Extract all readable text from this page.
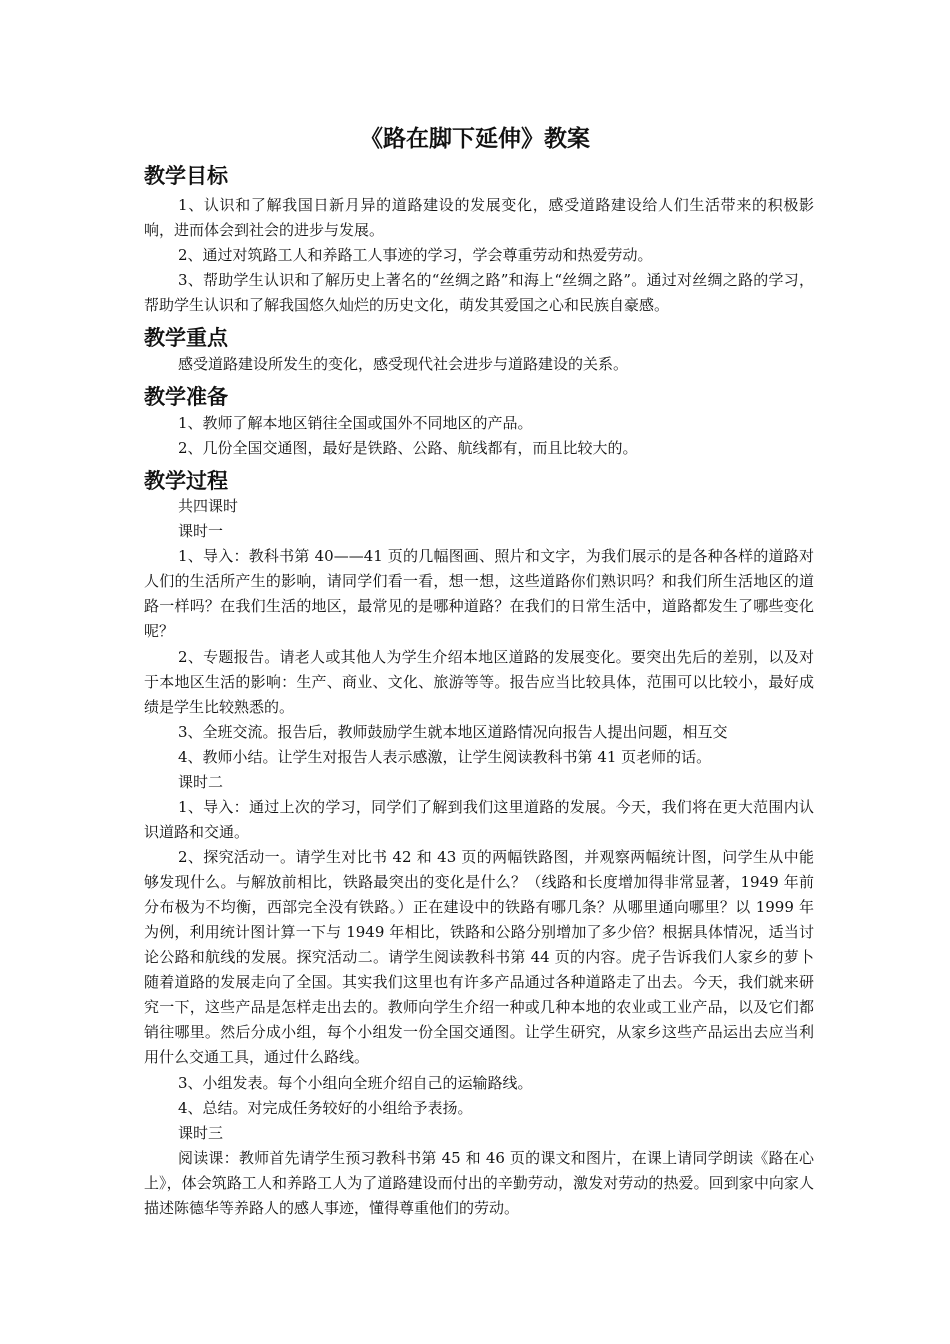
《路在脚下延伸》教案
教学目标
1、认识和了解我国日新月异的道路建设的发展变化，感受道路建设给人们生活带来的积极影响，进而体会到社会的进步与发展。
2、通过对筑路工人和养路工人事迹的学习，学会尊重劳动和热爱劳动。
3、帮助学生认识和了解历史上著名的“丝绸之路”和海上“丝绸之路”。通过对丝绸之路的学习，帮助学生认识和了解我国悠久灿烂的历史文化，萌发其爱国之心和民族自豪感。
教学重点
感受道路建设所发生的变化，感受现代社会进步与道路建设的关系。
教学准备
1、教师了解本地区销往全国或国外不同地区的产品。
2、几份全国交通图，最好是铁路、公路、航线都有，而且比较大的。
教学过程
共四课时
课时一
1、导入：教科书第 40——41 页的几幅图画、照片和文字，为我们展示的是各种各样的道路对人们的生活所产生的影响，请同学们看一看，想一想，这些道路你们熟识吗？和我们所生活地区的道路一样吗？在我们生活的地区，最常见的是哪种道路？在我们的日常生活中，道路都发生了哪些变化呢？
2、专题报告。请老人或其他人为学生介绍本地区道路的发展变化。要突出先后的差别，以及对于本地区生活的影响：生产、商业、文化、旅游等等。报告应当比较具体，范围可以比较小，最好成绩是学生比较熟悉的。
3、全班交流。报告后，教师鼓励学生就本地区道路情况向报告人提出问题，相互交
4、教师小结。让学生对报告人表示感激，让学生阅读教科书第 41 页老师的话。
课时二
1、导入：通过上次的学习，同学们了解到我们这里道路的发展。今天，我们将在更大范围内认识道路和交通。
2、探究活动一。请学生对比书 42 和 43 页的两幅铁路图，并观察两幅统计图，问学生从中能够发现什么。与解放前相比，铁路最突出的变化是什么？（线路和长度增加得非常显著，1949 年前分布极为不均衡，西部完全没有铁路。）正在建设中的铁路有哪几条？从哪里通向哪里？以 1999 年为例，利用统计图计算一下与 1949 年相比，铁路和公路分别增加了多少倍？根据具体情况，适当讨论公路和航线的发展。探究活动二。请学生阅读教科书第 44 页的内容。虎子告诉我们人家乡的萝卜随着道路的发展走向了全国。其实我们这里也有许多产品通过各种道路走了出去。今天，我们就来研究一下，这些产品是怎样走出去的。教师向学生介绍一种或几种本地的农业或工业产品，以及它们都销往哪里。然后分成小组，每个小组发一份全国交通图。让学生研究，从家乡这些产品运出去应当利用什么交通工具，通过什么路线。
3、小组发表。每个小组向全班介绍自己的运输路线。
4、总结。对完成任务较好的小组给予表扬。
课时三
阅读课：教师首先请学生预习教科书第 45 和 46 页的课文和图片，在课上请同学朗读《路在心上》，体会筑路工人和养路工人为了道路建设而付出的辛勤劳动，激发对劳动的热爱。回到家中向家人描述陈德华等养路人的感人事迹，懂得尊重他们的劳动。
